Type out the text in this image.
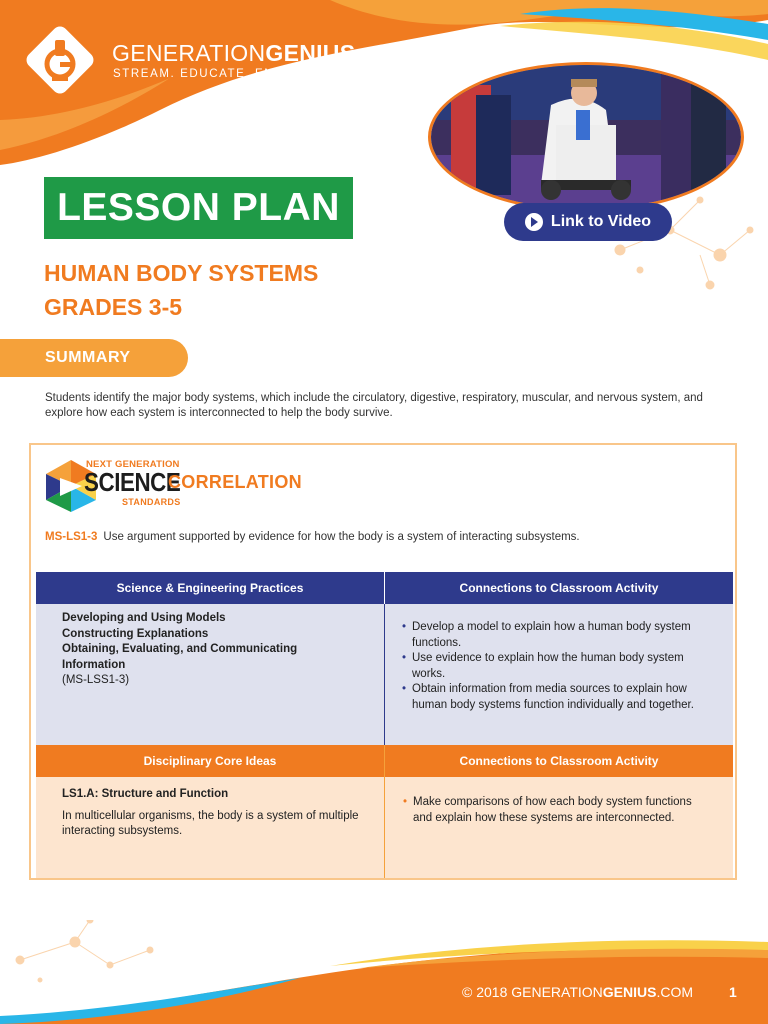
GENERATIONGENIUS
STREAM. EDUCATE. ENTERTAIN.
Link to Video
LESSON PLAN
HUMAN BODY SYSTEMS
GRADES 3-5
SUMMARY
Students identify the major body systems, which include the circulatory, digestive, respiratory, muscular, and nervous system, and explore how each system is interconnected to help the body survive.
NEXT GENERATION
SCIENCE
STANDARDS
CORRELATION
MS-LS1-3 Use argument supported by evidence for how the body is a system of interacting subsystems.
Science & Engineering Practices	Connections to Classroom Activity
Developing and Using Models
Constructing Explanations
Obtaining, Evaluating, and Communicating Information
(MS-LSS1-3)
• Develop a model to explain how a human body system functions.
• Use evidence to explain how the human body system works.
• Obtain information from media sources to explain how human body systems function individually and together.
Disciplinary Core Ideas	Connections to Classroom Activity
LS1.A: Structure and Function
In multicellular organisms, the body is a system of multiple interacting subsystems.
• Make comparisons of how each body system functions and explain how these systems are interconnected.
© 2018 GENERATIONGENIUS.COM	1
